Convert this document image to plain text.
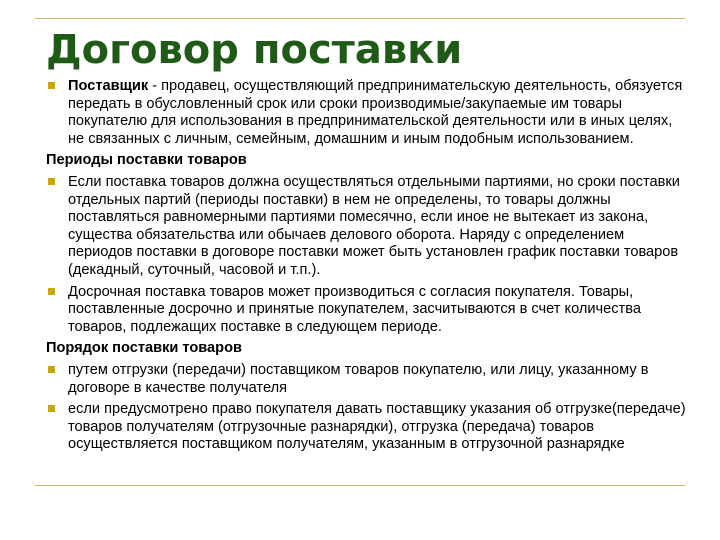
Договор поставки
Поставщик - продавец, осуществляющий предпринимательскую деятельность, обязуется передать в обусловленный срок или сроки производимые/закупаемые им товары покупателю для использования в предпринимательской деятельности или в иных целях, не связанных с личным, семейным, домашним и иным подобным использованием.
Периоды поставки товаров
Если поставка товаров должна осуществляться отдельными партиями, но сроки поставки отдельных партий (периоды поставки) в нем не определены, то товары должны поставляться равномерными партиями помесячно, если иное не вытекает из закона, существа обязательства или обычаев делового оборота. Наряду с определением периодов поставки в договоре поставки может быть установлен график поставки товаров (декадный, суточный, часовой и т.п.).
Досрочная поставка товаров может производиться с согласия покупателя. Товары, поставленные досрочно и принятые покупателем, засчитываются в счет количества товаров, подлежащих поставке в следующем периоде.
Порядок поставки товаров
путем отгрузки (передачи) поставщиком товаров покупателю, или лицу, указанному в договоре в качестве получателя
если предусмотрено право покупателя давать поставщику указания об отгрузке(передаче) товаров получателям (отгрузочные разнарядки), отгрузка (передача) товаров осуществляется поставщиком получателям, указанным в отгрузочной разнарядке
